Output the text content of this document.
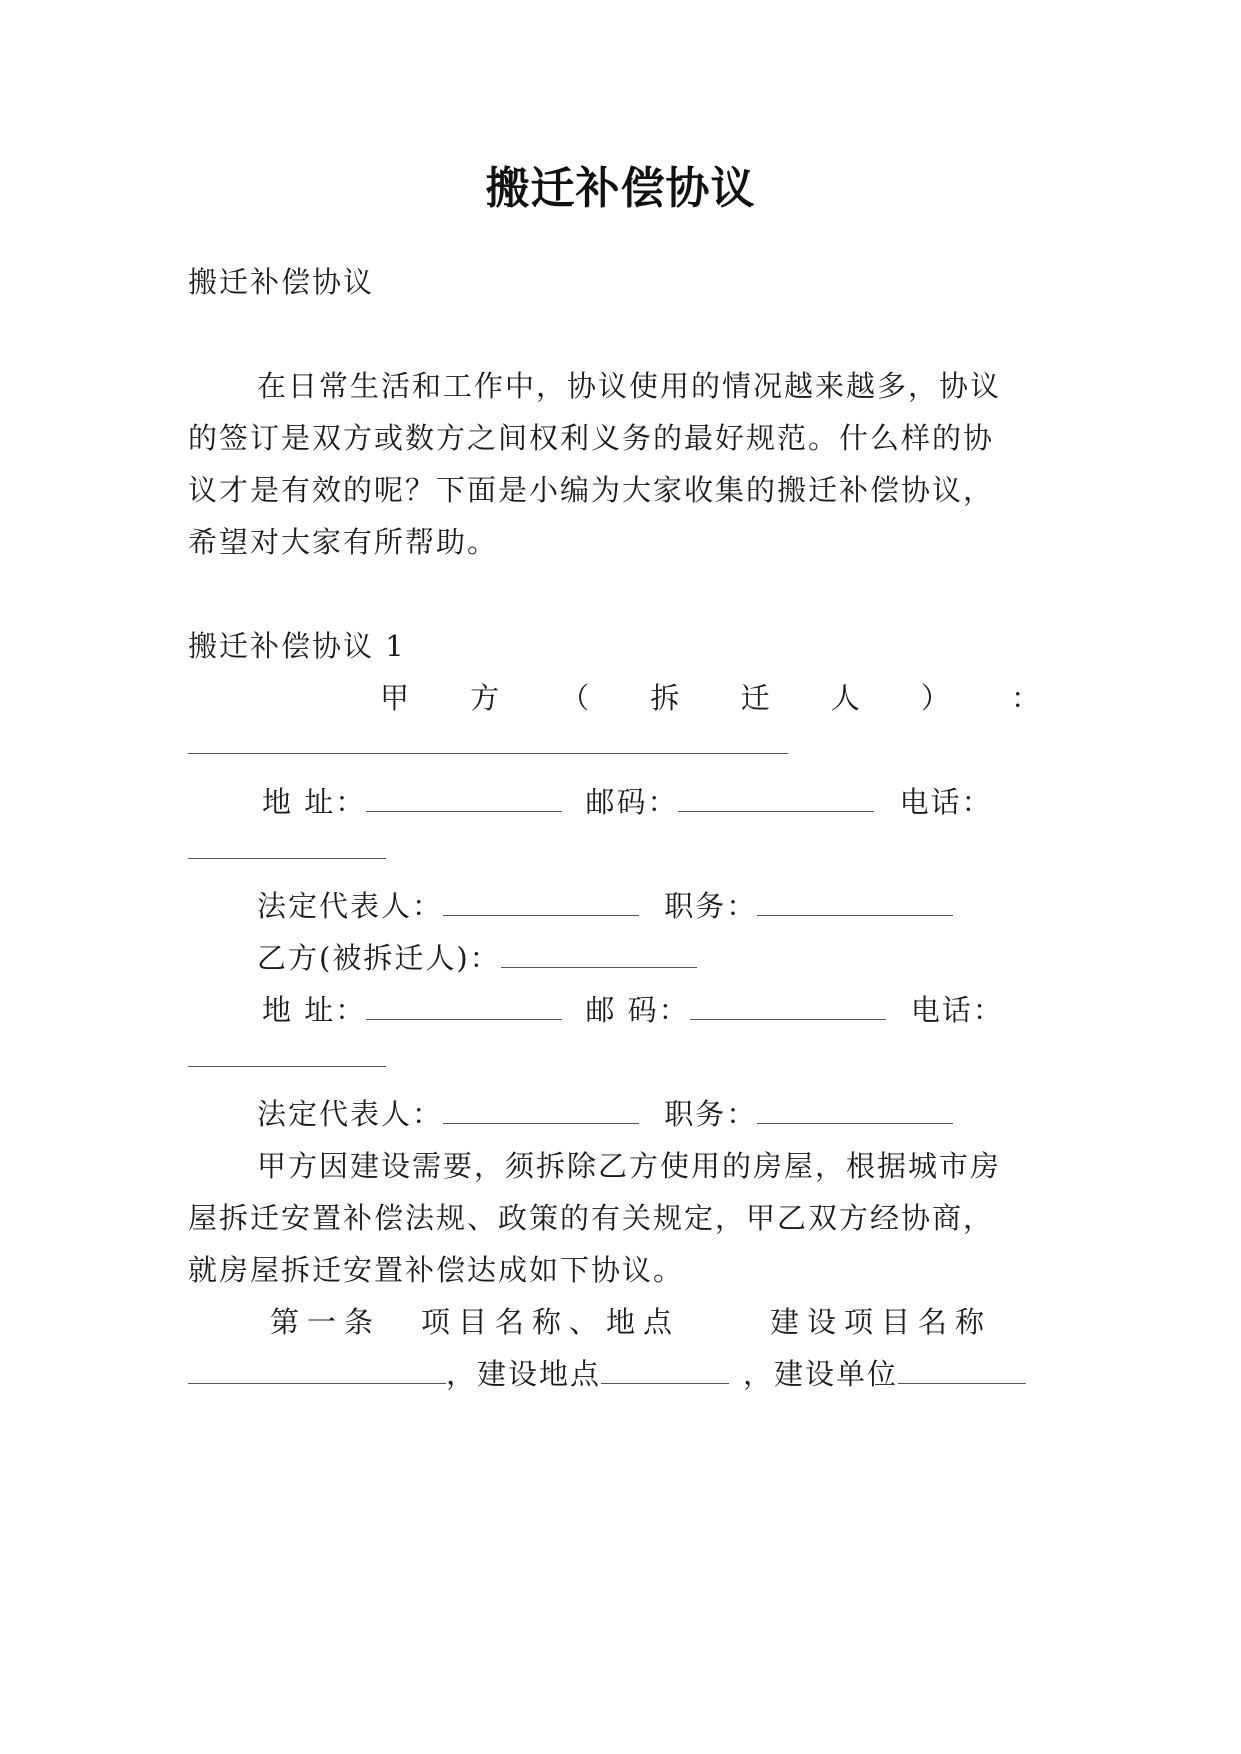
搬迁补偿协议
搬迁补偿协议
在日常生活和工作中，协议使用的情况越来越多，协议
的签订是双方或数方之间权利义务的最好规范。什么样的协
议才是有效的呢？下面是小编为大家收集的搬迁补偿协议，
希望对大家有所帮助。
搬迁补偿协议 1
甲 方 （ 拆 迁 人 ） ：
地 址：	邮码：	电话：
法定代表人：	职务：
乙方(被拆迁人)：
地 址：	邮 码：	电话：
法定代表人：	职务：
甲方因建设需要，须拆除乙方使用的房屋，根据城市房
屋拆迁安置补偿法规、政策的有关规定，甲乙双方经协商，
就房屋拆迁安置补偿达成如下协议。
第一条 项目名称、地点	建设项目名称
，建设地点	，建设单位
